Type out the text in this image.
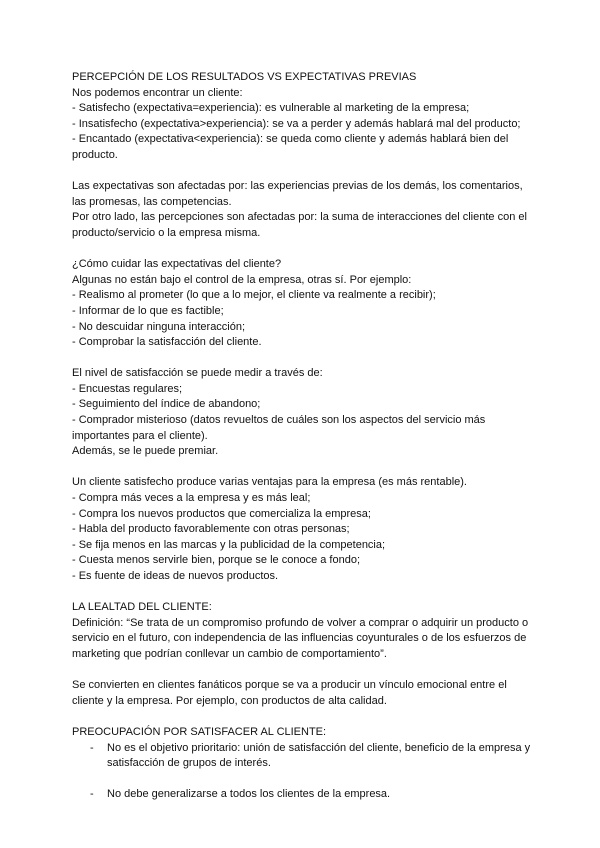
PERCEPCIÓN DE LOS RESULTADOS VS EXPECTATIVAS PREVIAS
Nos podemos encontrar un cliente:
- Satisfecho (expectativa=experiencia): es vulnerable al marketing de la empresa;
- Insatisfecho (expectativa>experiencia): se va a perder y además hablará mal del producto;
- Encantado (expectativa<experiencia): se queda como cliente y además hablará bien del producto.
Las expectativas son afectadas por: las experiencias previas de los demás, los comentarios, las promesas, las competencias.
Por otro lado, las percepciones son afectadas por: la suma de interacciones del cliente con el producto/servicio o la empresa misma.
¿Cómo cuidar las expectativas del cliente?
Algunas no están bajo el control de la empresa, otras sí. Por ejemplo:
- Realismo al prometer (lo que a lo mejor, el cliente va realmente a recibir);
- Informar de lo que es factible;
- No descuidar ninguna interacción;
- Comprobar la satisfacción del cliente.
El nivel de satisfacción se puede medir a través de:
- Encuestas regulares;
- Seguimiento del índice de abandono;
- Comprador misterioso (datos revueltos de cuáles son los aspectos del servicio más importantes para el cliente).
Además, se le puede premiar.
Un cliente satisfecho produce varias ventajas para la empresa (es más rentable).
- Compra más veces a la empresa y es más leal;
- Compra los nuevos productos que comercializa la empresa;
- Habla del producto favorablemente con otras personas;
- Se fija menos en las marcas y la publicidad de la competencia;
- Cuesta menos servirle bien, porque se le conoce a fondo;
- Es fuente de ideas de nuevos productos.
LA LEALTAD DEL CLIENTE:
Definición: “Se trata de un compromiso profundo de volver a comprar o adquirir un producto o servicio en el futuro, con independencia de las influencias coyunturales o de los esfuerzos de marketing que podrían conllevar un cambio de comportamiento”.
Se convierten en clientes fanáticos porque se va a producir un vínculo emocional entre el cliente y la empresa. Por ejemplo, con productos de alta calidad.
PREOCUPACIÓN POR SATISFACER AL CLIENTE:
- No es el objetivo prioritario: unión de satisfacción del cliente, beneficio de la empresa y satisfacción de grupos de interés.
- No debe generalizarse a todos los clientes de la empresa.
